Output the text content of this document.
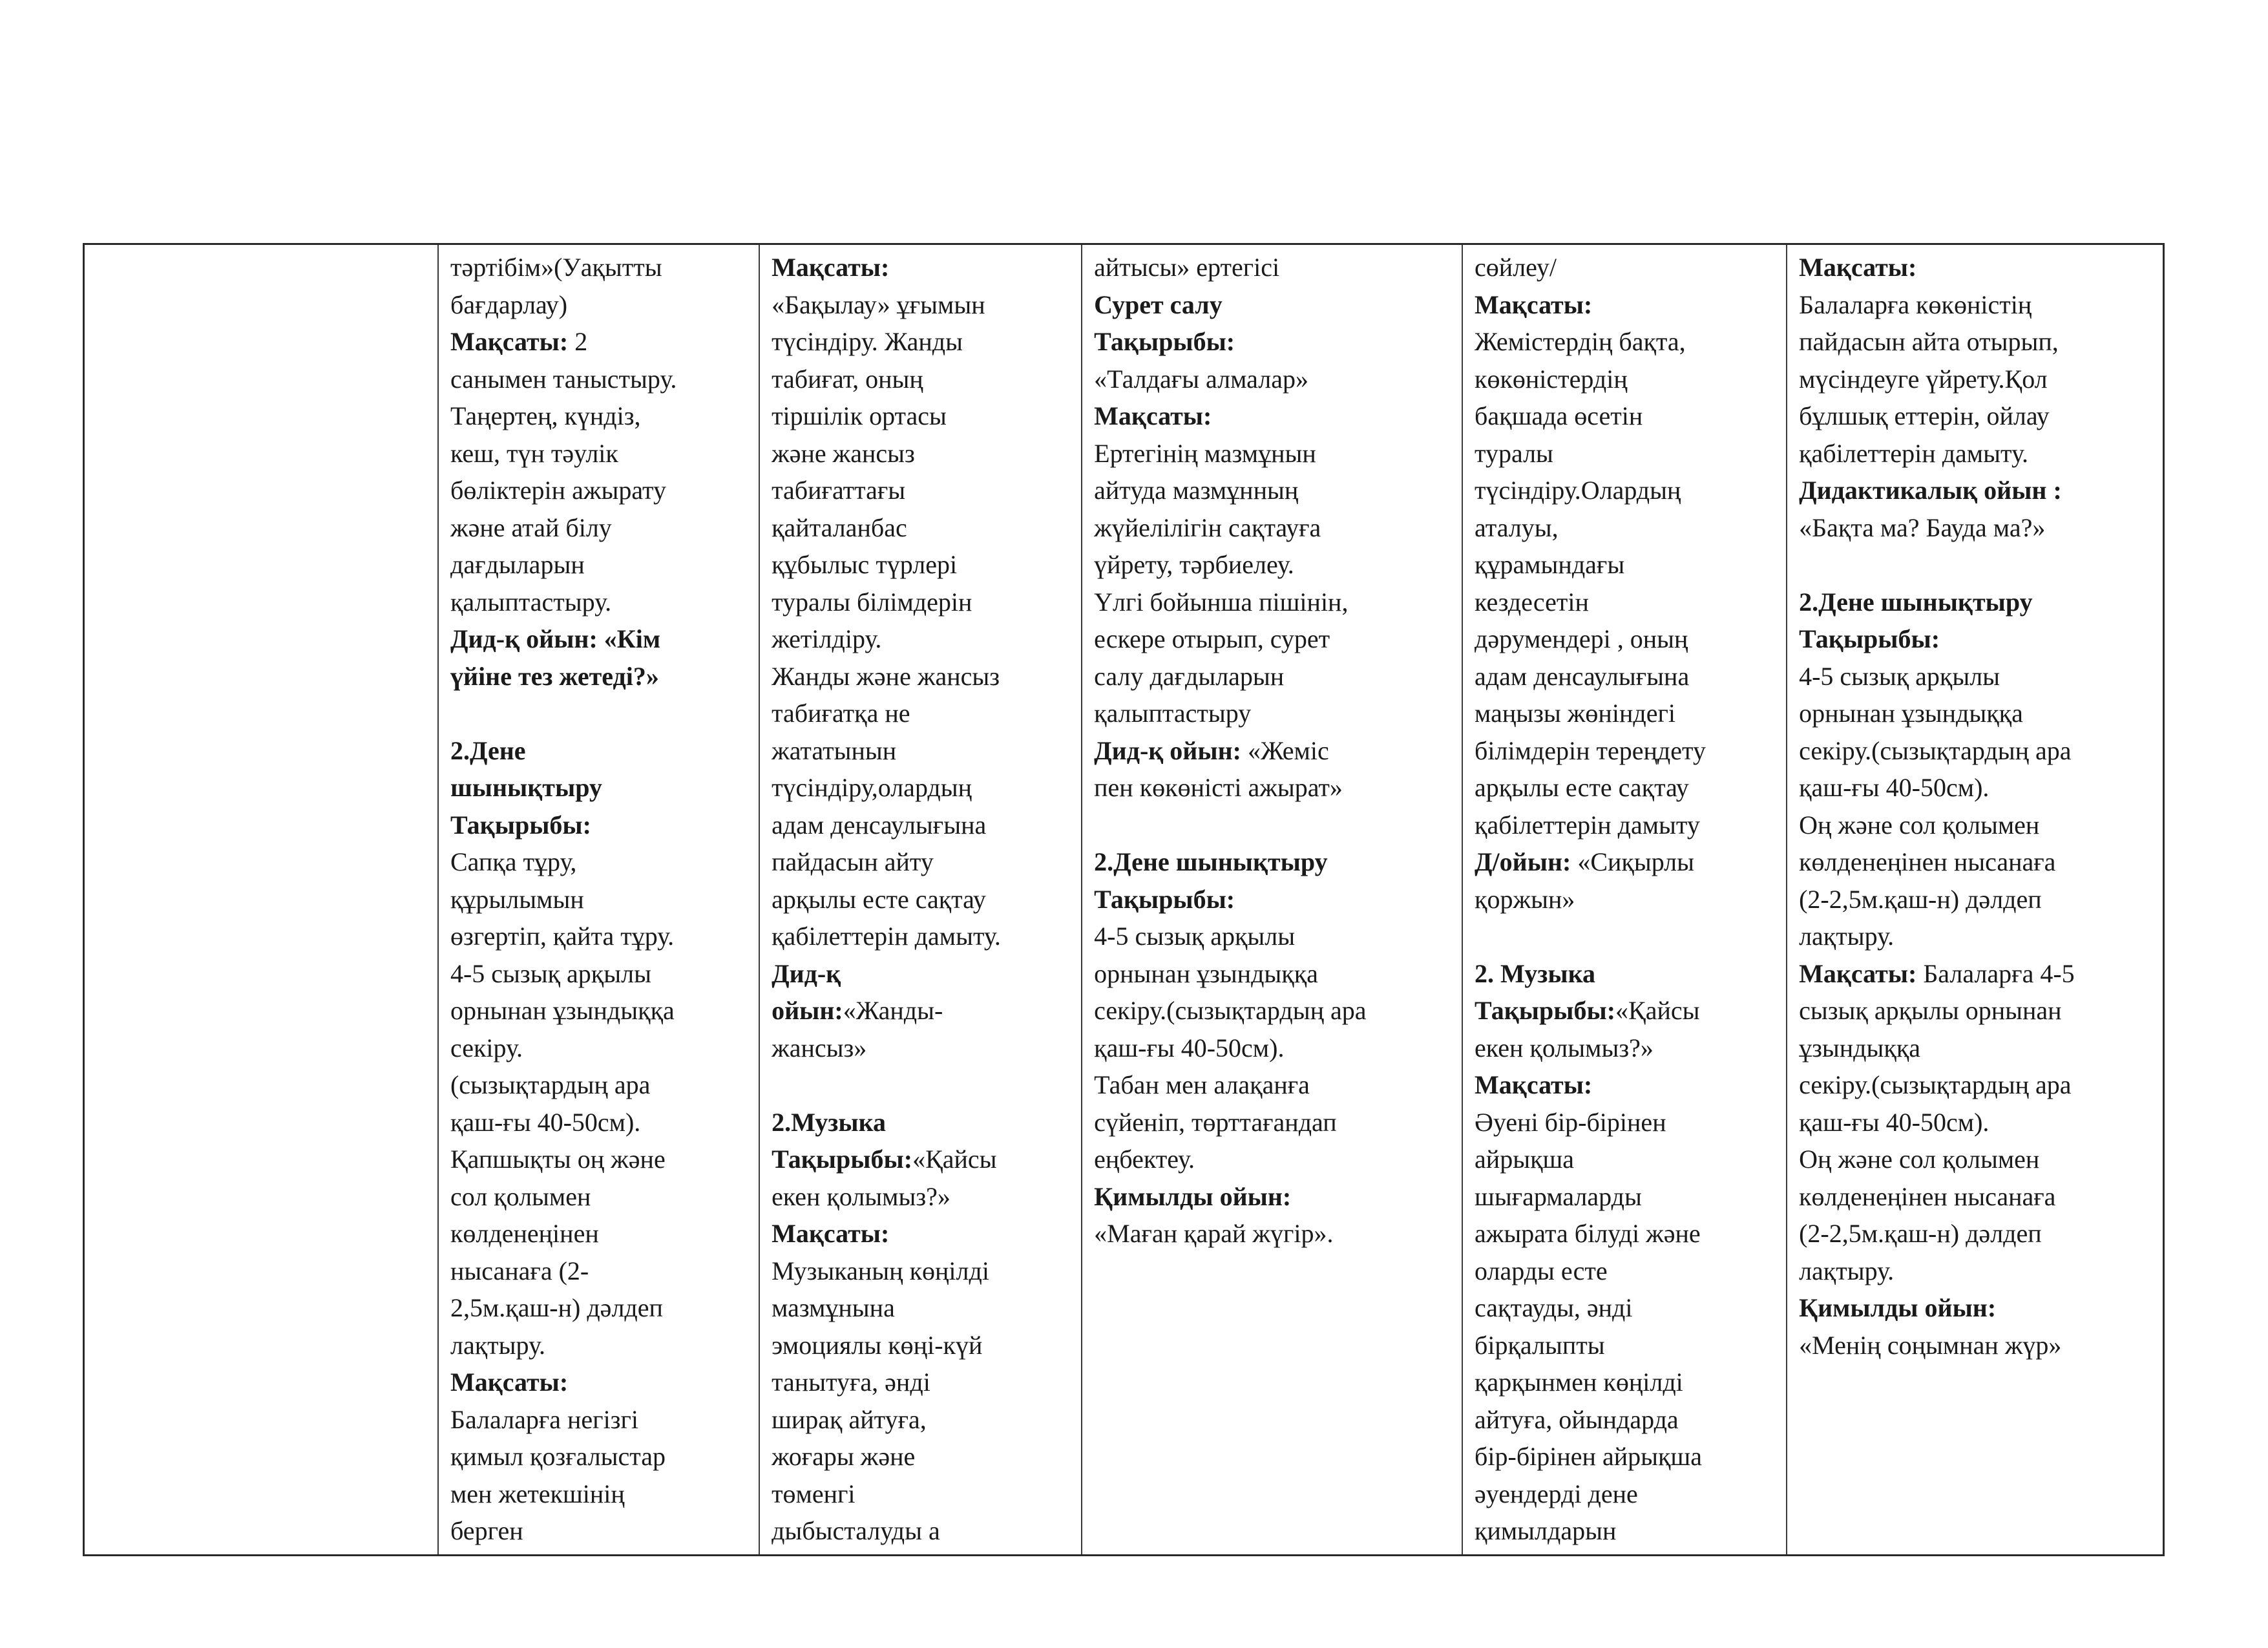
тәртібім»(Уақытты
бағдарлау)
Мақсаты: 2
санымен таныстыру.
Таңертең, күндіз,
кеш, түн тәулік
бөліктерін ажырату
және атай білу
дағдыларын
қалыптастыру.
Дид-қ ойын: «Кім
үйіне тез жетеді?»
2.Дене
шынықтыру
Тақырыбы:
Сапқа тұру,
құрылымын
өзгертіп, қайта тұру.
4-5 сызық арқылы
орнынан ұзындыққа
секіру.
(сызықтардың ара
қаш-ғы 40-50см).
Қапшықты оң және
сол қолымен
көлденеңінен
нысанаға (2-
2,5м.қаш-н) дәлдеп
лақтыру.
Мақсаты:
Балаларға негізгі
қимыл қозғалыстар
мен жетекшінің
берген
Мақсаты:
«Бақылау» ұғымын
түсіндіру. Жанды
табиғат, оның
тіршілік ортасы
және жансыз
табиғаттағы
қайталанбас
құбылыс түрлері
туралы білімдерін
жетілдіру.
Жанды және жансыз
табиғатқа не
жататынын
түсіндіру,олардың
адам денсаулығына
пайдасын айту
арқылы есте сақтау
қабілеттерін дамыту.
Дид-қ
ойын:«Жанды-
жансыз»
2.Музыка
Тақырыбы:«Қайсы
екен қолымыз?»
Мақсаты:
Музыканың көңілді
мазмұнына
эмоциялы көңі-күй
танытуға, әнді
ширақ айтуға,
жоғары және
төменгі
дыбысталуды а
айтысы» ертегісі
Сурет салу
Тақырыбы:
«Талдағы алмалар»
Мақсаты:
Ертегінің мазмұнын
айтуда мазмұнның
жүйелілігін сақтауға
үйрету, тәрбиелеу.
Үлгі бойынша пішінін,
ескере отырып, сурет
салу дағдыларын
қалыптастыру
Дид-қ ойын: «Жеміс
пен көкөністі ажырат»
2.Дене шынықтыру
Тақырыбы:
4-5 сызық арқылы
орнынан ұзындыққа
секіру.(сызықтардың ара
қаш-ғы 40-50см).
Табан мен алақанға
сүйеніп, төрттағандап
еңбектеу.
Қимылды ойын:
«Маған қарай жүгір».
сөйлеу/
Мақсаты:
Жемістердің бақта,
көкөністердің
бақшада өсетін
туралы
түсіндіру.Олардың
аталуы,
құрамындағы
кездесетін
дәрумендері , оның
адам денсаулығына
маңызы жөніндегі
білімдерін тереңдету
арқылы есте сақтау
қабілеттерін дамыту
Д/ойын: «Сиқырлы
қоржын»
2. Музыка
Тақырыбы:«Қайсы
екен қолымыз?»
Мақсаты:
Әуені бір-бірінен
айрықша
шығармаларды
ажырата білуді және
оларды есте
сақтауды, әнді
бірқалыпты
қарқынмен көңілді
айтуға, ойындарда
бір-бірінен айрықша
әуендерді дене
қимылдарын
Мақсаты:
Балаларға көкөністің
пайдасын айта отырып,
мүсіндеуге үйрету.Қол
бұлшық еттерін, ойлау
қабілеттерін дамыту.
Дидактикалық ойын :
«Бақта ма? Бауда ма?»
2.Дене шынықтыру
Тақырыбы:
4-5 сызық арқылы
орнынан ұзындыққа
секіру.(сызықтардың ара
қаш-ғы 40-50см).
Оң және сол қолымен
көлденеңінен нысанаға
(2-2,5м.қаш-н) дәлдеп
лақтыру.
Мақсаты: Балаларға 4-5
сызық арқылы орнынан
ұзындыққа
секіру.(сызықтардың ара
қаш-ғы 40-50см).
Оң және сол қолымен
көлденеңінен нысанаға
(2-2,5м.қаш-н) дәлдеп
лақтыру.
Қимылды ойын:
«Менің соңымнан жүр»
